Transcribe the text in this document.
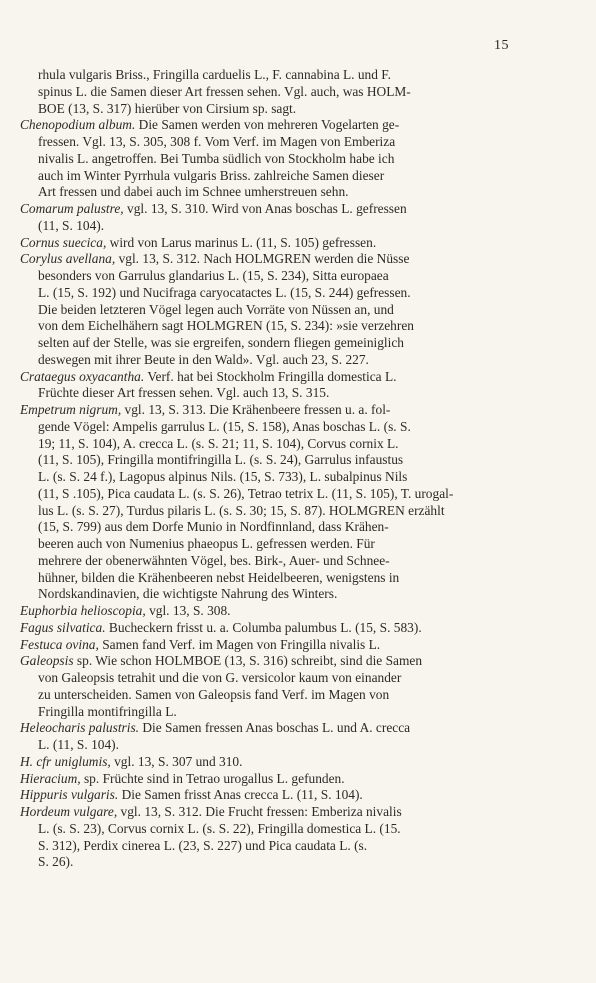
15
rhula vulgaris Briss., Fringilla carduelis L., F. cannabina L. und F.
spinus L. die Samen dieser Art fressen sehen. Vgl. auch, was HOLM-
BOE (13, S. 317) hierüber von Cirsium sp. sagt.
Chenopodium album. Die Samen werden von mehreren Vogelarten ge-
fressen. Vgl. 13, S. 305, 308 f. Vom Verf. im Magen von Emberiza
nivalis L. angetroffen. Bei Tumba südlich von Stockholm habe ich
auch im Winter Pyrrhula vulgaris Briss. zahlreiche Samen dieser
Art fressen und dabei auch im Schnee umherstreuen sehn.
Comarum palustre, vgl. 13, S. 310. Wird von Anas boschas L. gefressen
(11, S. 104).
Cornus suecica, wird von Larus marinus L. (11, S. 105) gefressen.
Corylus avellana, vgl. 13, S. 312. Nach HOLMGREN werden die Nüsse
besonders von Garrulus glandarius L. (15, S. 234), Sitta europaea
L. (15, S. 192) und Nucifraga caryocatactes L. (15, S. 244) gefressen.
Die beiden letzteren Vögel legen auch Vorräte von Nüssen an, und
von dem Eichelhähern sagt HOLMGREN (15, S. 234): »sie verzehren
selten auf der Stelle, was sie ergreifen, sondern fliegen gemeiniglich
deswegen mit ihrer Beute in den Wald». Vgl. auch 23, S. 227.
Crataegus oxyacantha. Verf. hat bei Stockholm Fringilla domestica L.
Früchte dieser Art fressen sehen. Vgl. auch 13, S. 315.
Empetrum nigrum, vgl. 13, S. 313. Die Krähenbeere fressen u. a. fol-
gende Vögel: Ampelis garrulus L. (15, S. 158), Anas boschas L. (s. S.
19; 11, S. 104), A. crecca L. (s. S. 21; 11, S. 104), Corvus cornix L.
(11, S. 105), Fringilla montifringilla L. (s. S. 24), Garrulus infaustus
L. (s. S. 24 f.), Lagopus alpinus Nils. (15, S. 733), L. subalpinus Nils
(11, S .105), Pica caudata L. (s. S. 26), Tetrao tetrix L. (11, S. 105), T. urogal-
lus L. (s. S. 27), Turdus pilaris L. (s. S. 30; 15, S. 87). HOLMGREN erzählt
(15, S. 799) aus dem Dorfe Munio in Nordfinnland, dass Krähen-
beeren auch von Numenius phaeopus L. gefressen werden. Für
mehrere der obenerwähnten Vögel, bes. Birk-, Auer- und Schnee-
hühner, bilden die Krähenbeeren nebst Heidelbeeren, wenigstens in
Nordskandinavien, die wichtigste Nahrung des Winters.
Euphorbia helioscopia, vgl. 13, S. 308.
Fagus silvatica. Bucheckern frisst u. a. Columba palumbus L. (15, S. 583).
Festuca ovina, Samen fand Verf. im Magen von Fringilla nivalis L.
Galeopsis sp. Wie schon HOLMBOE (13, S. 316) schreibt, sind die Samen
von Galeopsis tetrahit und die von G. versicolor kaum von einander
zu unterscheiden. Samen von Galeopsis fand Verf. im Magen von
Fringilla montifringilla L.
Heleocharis palustris. Die Samen fressen Anas boschas L. und A. crecca
L. (11, S. 104).
H. cfr uniglumis, vgl. 13, S. 307 und 310.
Hieracium, sp. Früchte sind in Tetrao urogallus L. gefunden.
Hippuris vulgaris. Die Samen frisst Anas crecca L. (11, S. 104).
Hordeum vulgare, vgl. 13, S. 312. Die Frucht fressen: Emberiza nivalis
L. (s. S. 23), Corvus cornix L. (s. S. 22), Fringilla domestica L. (15.
S. 312), Perdix cinerea L. (23, S. 227) und Pica caudata L. (s.
S. 26).
